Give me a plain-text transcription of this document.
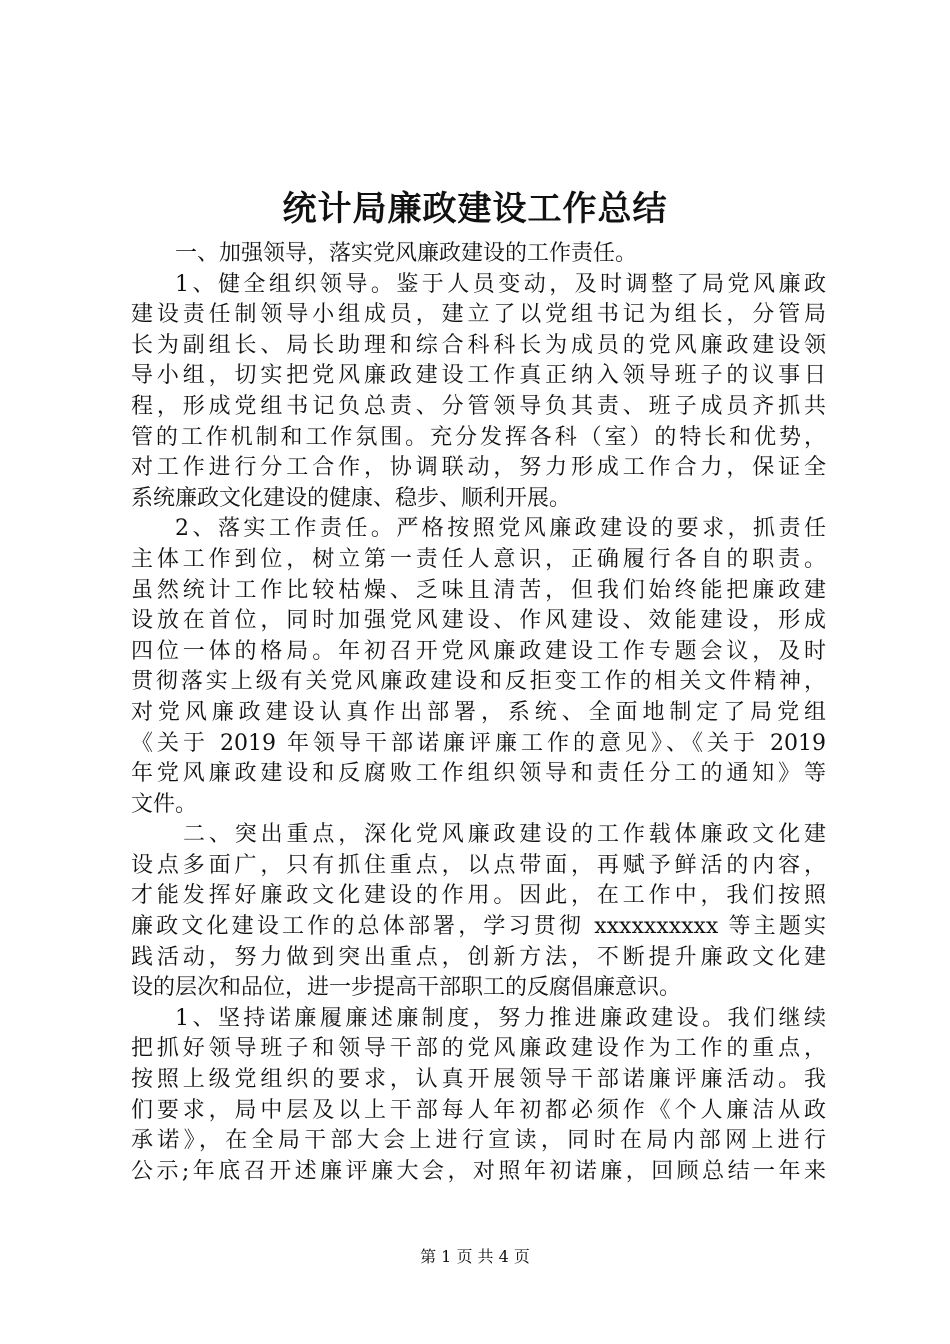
统计局廉政建设工作总结
一、加强领导，落实党风廉政建设的工作责任。
1、健全组织领导。鉴于人员变动，及时调整了局党风廉政
建设责任制领导小组成员，建立了以党组书记为组长，分管局
长为副组长、局长助理和综合科科长为成员的党风廉政建设领
导小组，切实把党风廉政建设工作真正纳入领导班子的议事日
程，形成党组书记负总责、分管领导负其责、班子成员齐抓共
管的工作机制和工作氛围。充分发挥各科（室）的特长和优势，
对工作进行分工合作，协调联动，努力形成工作合力，保证全
系统廉政文化建设的健康、稳步、顺利开展。
2、落实工作责任。严格按照党风廉政建设的要求，抓责任
主体工作到位，树立第一责任人意识，正确履行各自的职责。
虽然统计工作比较枯燥、乏味且清苦，但我们始终能把廉政建
设放在首位，同时加强党风建设、作风建设、效能建设，形成
四位一体的格局。年初召开党风廉政建设工作专题会议，及时
贯彻落实上级有关党风廉政建设和反拒变工作的相关文件精神，
对党风廉政建设认真作出部署，系统、全面地制定了局党组
《关于 2019 年领导干部诺廉评廉工作的意见》、《关于 2019
年党风廉政建设和反腐败工作组织领导和责任分工的通知》等
文件。
二、突出重点，深化党风廉政建设的工作载体廉政文化建
设点多面广，只有抓住重点，以点带面，再赋予鲜活的内容，
才能发挥好廉政文化建设的作用。因此，在工作中，我们按照
廉政文化建设工作的总体部署，学习贯彻 xxxxxxxxxx 等主题实
践活动，努力做到突出重点，创新方法，不断提升廉政文化建
设的层次和品位，进一步提高干部职工的反腐倡廉意识。
1、坚持诺廉履廉述廉制度，努力推进廉政建设。我们继续
把抓好领导班子和领导干部的党风廉政建设作为工作的重点，
按照上级党组织的要求，认真开展领导干部诺廉评廉活动。我
们要求，局中层及以上干部每人年初都必须作《个人廉洁从政
承诺》，在全局干部大会上进行宣读，同时在局内部网上进行
公示;年底召开述廉评廉大会，对照年初诺廉，回顾总结一年来
第 1 页 共 4 页
